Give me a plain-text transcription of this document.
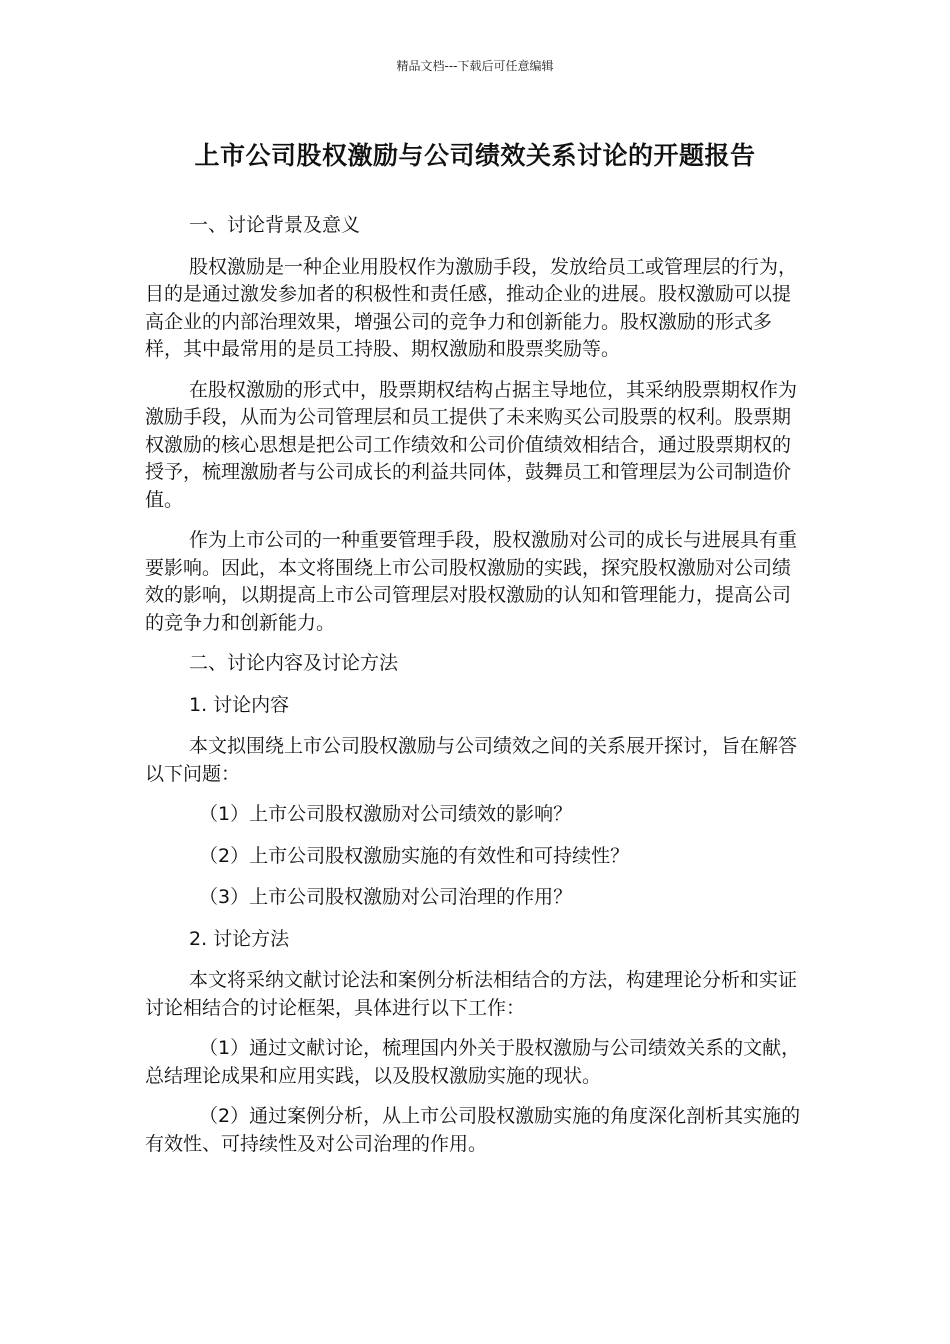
精品文档---下载后可任意编辑
上市公司股权激励与公司绩效关系讨论的开题报告
一、讨论背景及意义
股权激励是一种企业用股权作为激励手段，发放给员工或管理层的行为，目的是通过激发参加者的积极性和责任感，推动企业的进展。股权激励可以提高企业的内部治理效果，增强公司的竞争力和创新能力。股权激励的形式多样，其中最常用的是员工持股、期权激励和股票奖励等。
在股权激励的形式中，股票期权结构占据主导地位，其采纳股票期权作为激励手段，从而为公司管理层和员工提供了未来购买公司股票的权利。股票期权激励的核心思想是把公司工作绩效和公司价值绩效相结合，通过股票期权的授予，梳理激励者与公司成长的利益共同体，鼓舞员工和管理层为公司制造价值。
作为上市公司的一种重要管理手段，股权激励对公司的成长与进展具有重要影响。因此，本文将围绕上市公司股权激励的实践，探究股权激励对公司绩效的影响，以期提高上市公司管理层对股权激励的认知和管理能力，提高公司的竞争力和创新能力。
二、讨论内容及讨论方法
1. 讨论内容
本文拟围绕上市公司股权激励与公司绩效之间的关系展开探讨，旨在解答以下问题：
（1）上市公司股权激励对公司绩效的影响？
（2）上市公司股权激励实施的有效性和可持续性？
（3）上市公司股权激励对公司治理的作用？
2. 讨论方法
本文将采纳文献讨论法和案例分析法相结合的方法，构建理论分析和实证讨论相结合的讨论框架，具体进行以下工作：
（1）通过文献讨论，梳理国内外关于股权激励与公司绩效关系的文献，总结理论成果和应用实践，以及股权激励实施的现状。
（2）通过案例分析，从上市公司股权激励实施的角度深化剖析其实施的有效性、可持续性及对公司治理的作用。
